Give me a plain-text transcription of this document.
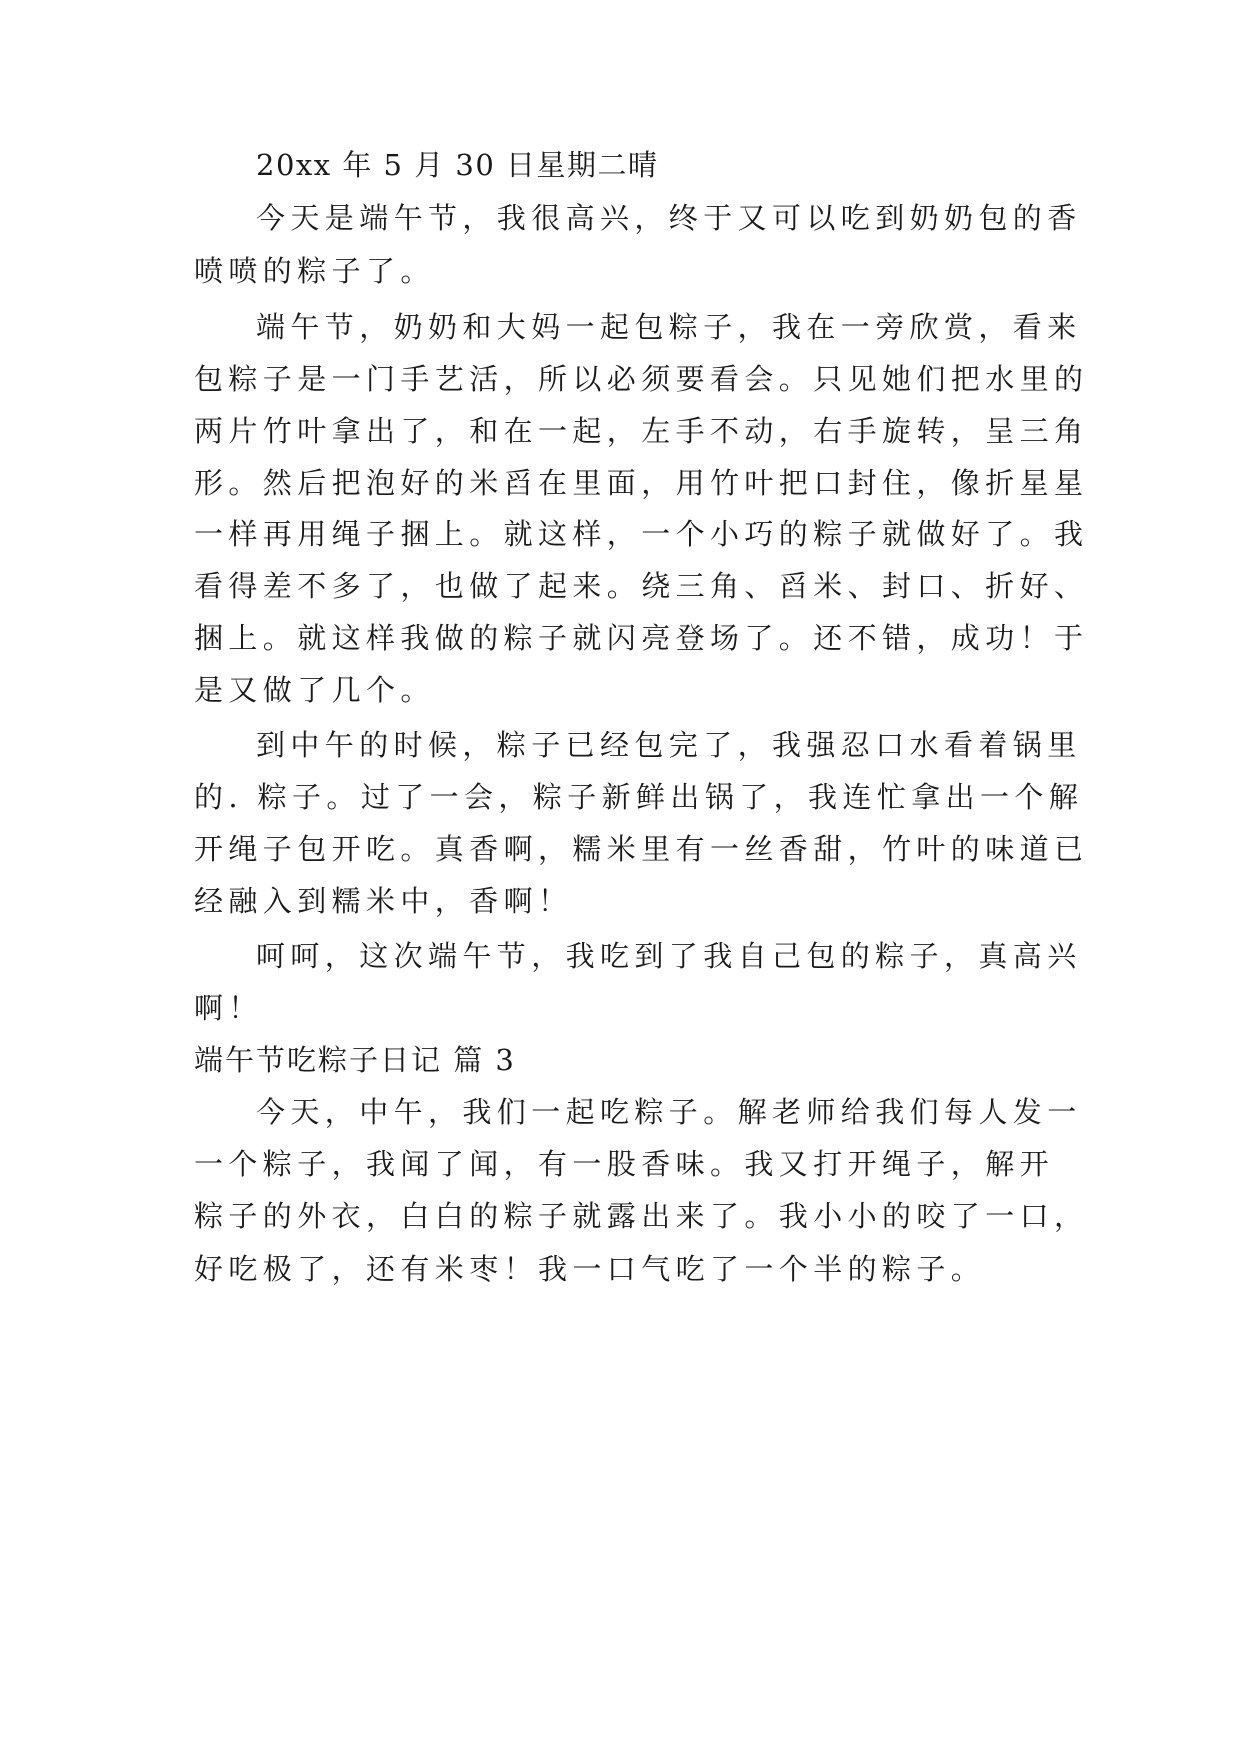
20xx 年 5 月 30 日星期二晴
今天是端午节，我很高兴，终于又可以吃到奶奶包的香
喷喷的粽子了。
端午节，奶奶和大妈一起包粽子，我在一旁欣赏，看来
包粽子是一门手艺活，所以必须要看会。只见她们把水里的
两片竹叶拿出了，和在一起，左手不动，右手旋转，呈三角
形。然后把泡好的米舀在里面，用竹叶把口封住，像折星星
一样再用绳子捆上。就这样，一个小巧的粽子就做好了。我
看得差不多了，也做了起来。绕三角、舀米、封口、折好、
捆上。就这样我做的粽子就闪亮登场了。还不错，成功！于
是又做了几个。
到中午的时候，粽子已经包完了，我强忍口水看着锅里
的. 粽子。过了一会，粽子新鲜出锅了，我连忙拿出一个解
开绳子包开吃。真香啊，糯米里有一丝香甜，竹叶的味道已
经融入到糯米中，香啊！
呵呵，这次端午节，我吃到了我自己包的粽子，真高兴
啊！
端午节吃粽子日记 篇 3
今天，中午，我们一起吃粽子。解老师给我们每人发一
一个粽子，我闻了闻，有一股香味。我又打开绳子，解开
粽子的外衣，白白的粽子就露出来了。我小小的咬了一口，
好吃极了，还有米枣！我一口气吃了一个半的粽子。
